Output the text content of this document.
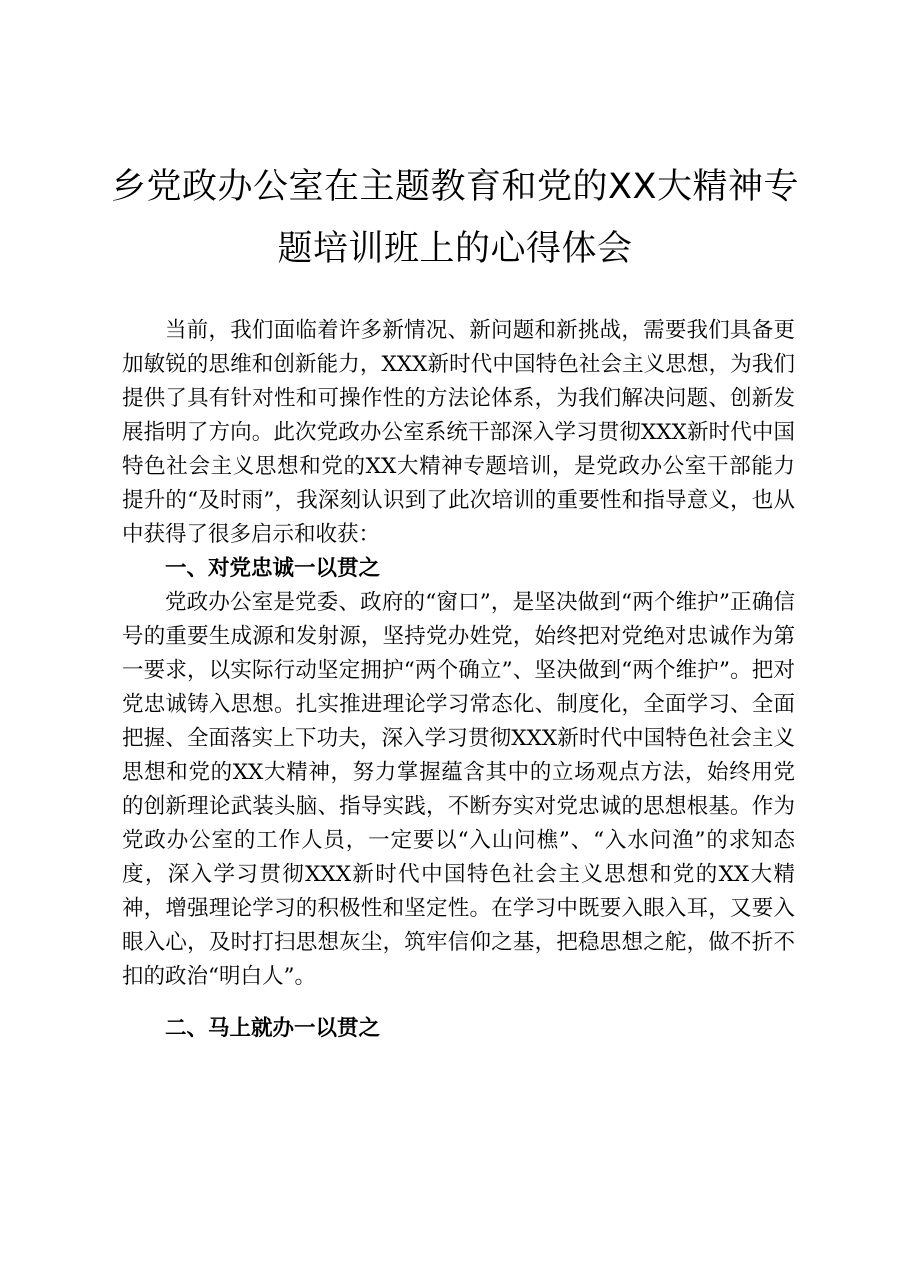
乡党政办公室在主题教育和党的XX大精神专
题培训班上的心得体会

当前，我们面临着许多新情况、新问题和新挑战，需要我们具备更加敏锐的思维和创新能力，XXX新时代中国特色社会主义思想，为我们提供了具有针对性和可操作性的方法论体系，为我们解决问题、创新发展指明了方向。此次党政办公室系统干部深入学习贯彻XXX新时代中国特色社会主义思想和党的XX大精神专题培训，是党政办公室干部能力提升的“及时雨”，我深刻认识到了此次培训的重要性和指导意义，也从中获得了很多启示和收获：

一、对党忠诚一以贯之

党政办公室是党委、政府的“窗口”，是坚决做到“两个维护”正确信号的重要生成源和发射源，坚持党办姓党，始终把对党绝对忠诚作为第一要求，以实际行动坚定拥护“两个确立”、坚决做到“两个维护”。把对党忠诚铸入思想。扎实推进理论学习常态化、制度化，全面学习、全面把握、全面落实上下功夫，深入学习贯彻XXX新时代中国特色社会主义思想和党的XX大精神，努力掌握蕴含其中的立场观点方法，始终用党的创新理论武装头脑、指导实践，不断夯实对党忠诚的思想根基。作为党政办公室的工作人员，一定要以“入山问樵”、“入水问渔”的求知态度，深入学习贯彻XXX新时代中国特色社会主义思想和党的XX大精神，增强理论学习的积极性和坚定性。在学习中既要入眼入耳，又要入眼入心，及时打扫思想灰尘，筑牢信仰之基，把稳思想之舵，做不折不扣的政治“明白人”。

二、马上就办一以贯之
